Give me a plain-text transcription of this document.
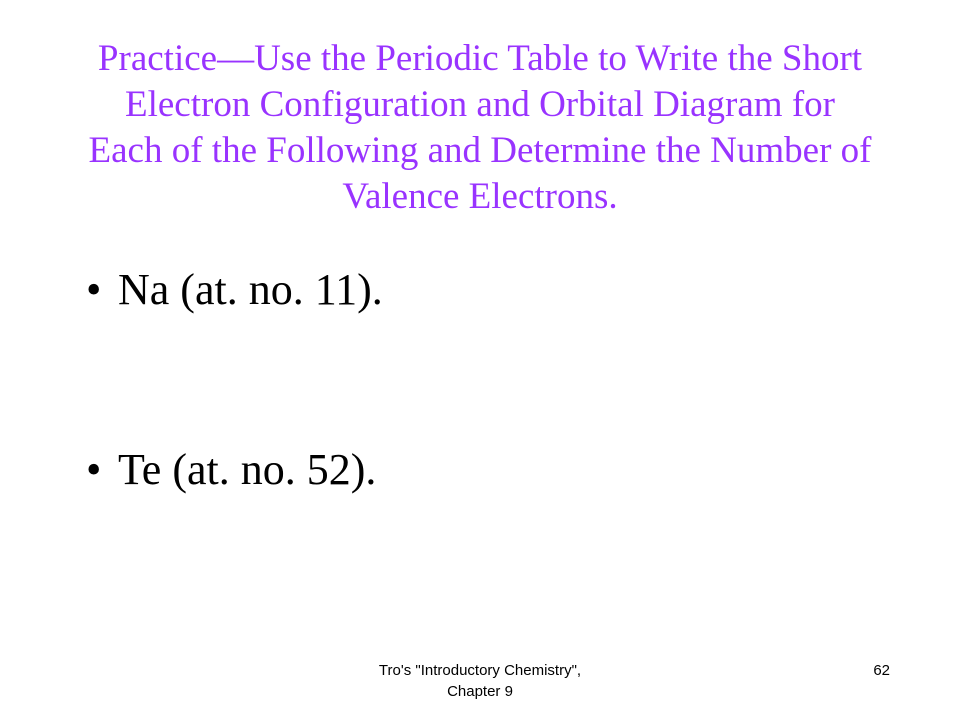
Practice—Use the Periodic Table to Write the Short
Electron Configuration and Orbital Diagram for
Each of the Following and Determine the Number of
Valence Electrons.
• Na (at. no. 11).
• Te (at. no. 52).
Tro's "Introductory Chemistry",
Chapter 9
62
